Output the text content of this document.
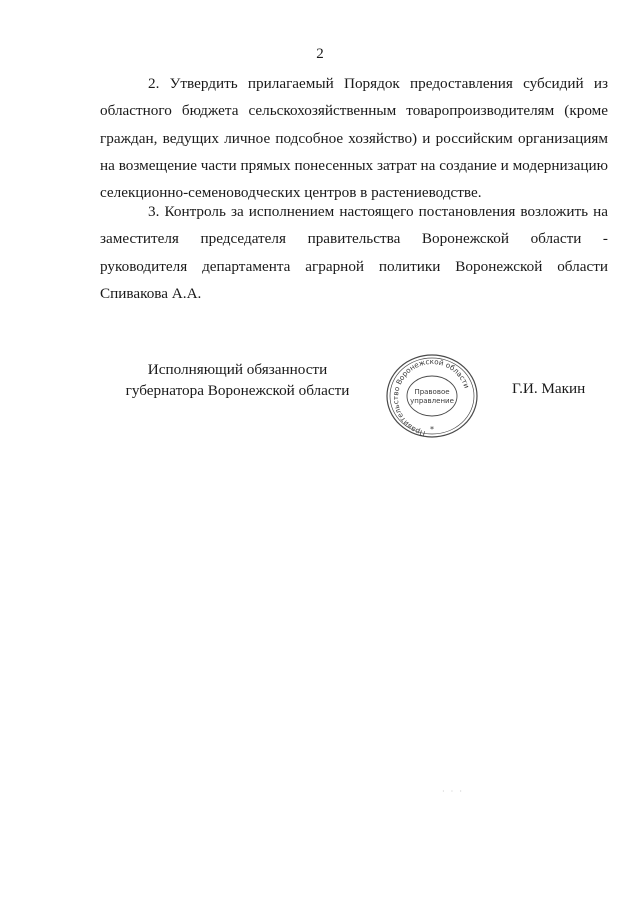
2

2. Утвердить прилагаемый Порядок предоставления субсидий из областного бюджета сельскохозяйственным товаропроизводителям (кроме граждан, ведущих личное подсобное хозяйство) и российским организациям на возмещение части прямых понесенных затрат на создание и модернизацию селекционно-семеноводческих центров в растениеводстве.

3. Контроль за исполнением настоящего постановления возложить на заместителя председателя правительства Воронежской области - руководителя департамента аграрной политики Воронежской области Спивакова А.А.

Исполняющий обязанности
губернатора Воронежской области
Правительство Воронежской области
Правовое
управление
*
Г.И. Макин
· · ·
